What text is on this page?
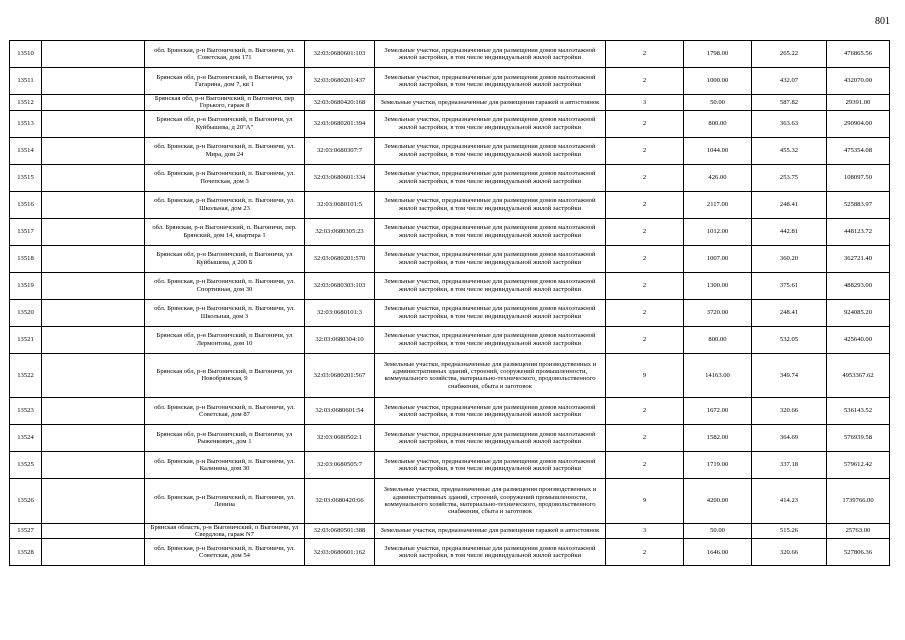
801
13510		обл. Брянская, р-н Выгоничский, п. Выгоничи, ул. Советская, дом 171	32:03:0680601:103	Земельные участки, предназначенные для размещения домов малоэтажной жилой застройки, в том числе индивидуальной жилой застройки	2	1798.00	265.22	476865.56
13511		Брянская обл, р-н Выгоничский, п Выгоничи, ул Гагарина, дом 7, кв 1	32:03:0680201:437	Земельные участки, предназначенные для размещения домов малоэтажной жилой застройки, в том числе индивидуальной жилой застройки	2	1000.00	432.07	432070.00
13512		Брянская обл, р-н Выгоничский, п Выгоничи, пер Горького, гараж 8	32:03:0680420:168	Земельные участки, предназначенные для размещения гаражей и автостоянок	3	50.00	587.82	29391.00
13513		Брянская обл, р-н Выгоничский, п Выгоничи, ул Куйбышева, д 20"А"	32:03:0680201:394	Земельные участки, предназначенные для размещения домов малоэтажной жилой застройки, в том числе индивидуальной жилой застройки	2	800.00	363.63	290904.00
13514		обл. Брянская, р-н Выгоничский, п. Выгоничи, ул. Мира, дом 24	32:03:0680307:7	Земельные участки, предназначенные для размещения домов малоэтажной жилой застройки, в том числе индивидуальной жилой застройки	2	1044.00	455.32	475354.08
13515		обл. Брянская, р-н Выгоничский, п. Выгоничи, ул. Почепская, дом 3	32:03:0680601:334	Земельные участки, предназначенные для размещения домов малоэтажной жилой застройки, в том числе индивидуальной жилой застройки	2	426.00	253.75	108097.50
13516		обл. Брянская, р-н Выгоничский, п. Выгоничи, ул. Школьная, дом 23	32:03:0680101:5	Земельные участки, предназначенные для размещения домов малоэтажной жилой застройки, в том числе индивидуальной жилой застройки	2	2117.00	248.41	525883.97
13517		обл. Брянская, р-н Выгоничский, п. Выгоничи, пер. Брянский, дом 14, квартира 1	32:03:0680305:23	Земельные участки, предназначенные для размещения домов малоэтажной жилой застройки, в том числе индивидуальной жилой застройки	2	1012.00	442.81	448123.72
13518		Брянская обл, р-н Выгоничский, п Выгоничи, ул Куйбышева, д 200 Б	32:03:0680201:570	Земельные участки, предназначенные для размещения домов малоэтажной жилой застройки, в том числе индивидуальной жилой застройки	2	1007.00	360.20	362721.40
13519		обл. Брянская, р-н Выгоничский, п. Выгоничи, ул. Спортивная, дом 30	32:03:0680303:103	Земельные участки, предназначенные для размещения домов малоэтажной жилой застройки, в том числе индивидуальной жилой застройки	2	1300.00	375.61	488293.00
13520		обл. Брянская, р-н Выгоничский, п. Выгоничи, ул. Школьная, дом 3	32:03:0680101:3	Земельные участки, предназначенные для размещения домов малоэтажной жилой застройки, в том числе индивидуальной жилой застройки	2	3720.00	248.41	924085.20
13521		Брянская обл, р-н Выгоничский, п Выгоничи, ул Лермонтова, дом 10	32:03:0680304:10	Земельные участки, предназначенные для размещения домов малоэтажной жилой застройки, в том числе индивидуальной жилой застройки	2	800.00	532.05	425640.00
13522		Брянская обл, р-н Выгоничский, п Выгоничи, ул Новобрянская, 9	32:03:0680201:567	Земельные участки, предназначенные для размещения производственных и административных зданий, строений, сооружений промышленности, коммунального хозяйства, материально-технического, продовольственного снабжения, сбыта и заготовок	9	14163.00	349.74	4953367.62
13523		обл. Брянская, р-н Выгоничский, п. Выгоничи, ул. Советская, дом 87	32:03:0680601:54	Земельные участки, предназначенные для размещения домов малоэтажной жилой застройки, в том числе индивидуальной жилой застройки	2	1672.00	320.66	536143.52
13524		Брянская обл, р-н Выгоничский, п Выгоничи, ул Рыженкович, дом 1	32:03:0680502:1	Земельные участки, предназначенные для размещения домов малоэтажной жилой застройки, в том числе индивидуальной жилой застройки	2	1582.00	364.69	576939.58
13525		обл. Брянская, р-н Выгоничский, п. Выгоничи, ул. Калинина, дом 30	32:03:0680505:7	Земельные участки, предназначенные для размещения домов малоэтажной жилой застройки, в том числе индивидуальной жилой застройки	2	1719.00	337.18	579612.42
13526		обл. Брянская, р-н Выгоничский, п. Выгоничи, ул. Ленина	32:03:0680420:66	Земельные участки, предназначенные для размещения производственных и административных зданий, строений, сооружений промышленности, коммунального хозяйства, материально-технического, продовольственного снабжения, сбыта и заготовок	9	4200.00	414.23	1739766.00
13527		Брянская область, р-н Выгоничский, п Выгоничи, ул Свердлова, гараж N7	32:03:0680501:388	Земельные участки, предназначенные для размещения гаражей и автостоянок	3	50.00	515.26	25763.00
13528		обл. Брянская, р-н Выгоничский, п. Выгоничи, ул. Советская, дом 54	32:03:0680601:162	Земельные участки, предназначенные для размещения домов малоэтажной жилой застройки, в том числе индивидуальной жилой застройки	2	1646.00	320.66	527806.36
